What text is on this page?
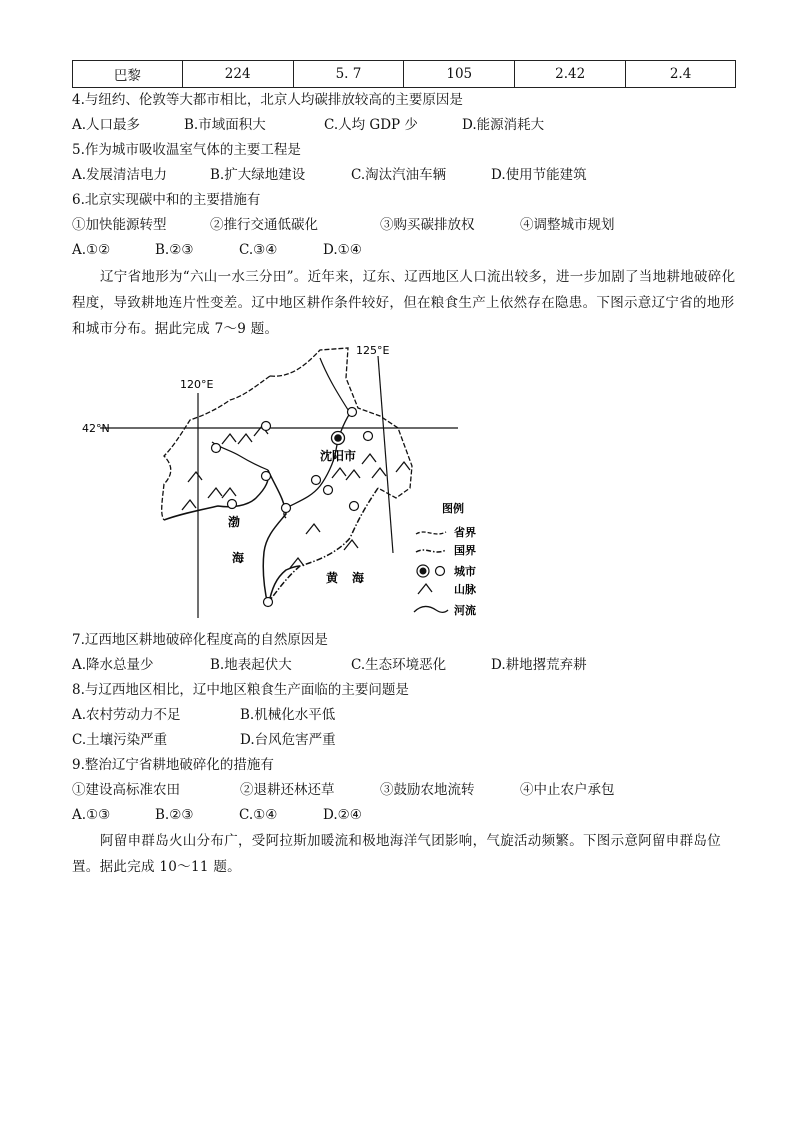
巴黎	224	5. 7	105	2.42	2.4
4.与纽约、伦敦等大都市相比，北京人均碳排放较高的主要原因是
A.人口最多	B.市域面积大	C.人均 GDP 少	D.能源消耗大
5.作为城市吸收温室气体的主要工程是
A.发展清洁电力	B.扩大绿地建设	C.淘汰汽油车辆	D.使用节能建筑
6.北京实现碳中和的主要措施有
①加快能源转型	②推行交通低碳化	③购买碳排放权	④调整城市规划
A.①②	B.②③	C.③④	D.①④
辽宁省地形为“六山一水三分田”。近年来，辽东、辽西地区人口流出较多，进一步加剧了当地耕地破碎化程度，导致耕地连片性变差。辽中地区耕作条件较好，但在粮食生产上依然存在隐患。下图示意辽宁省的地形和城市分布。据此完成 7～9 题。
125°E
120°E
42°N
沈阳市
渤
海
黄 海
图例
省界
国界
城市
山脉
河流
7.辽西地区耕地破碎化程度高的自然原因是
A.降水总量少	B.地表起伏大	C.生态环境恶化	D.耕地撂荒弃耕
8.与辽西地区相比，辽中地区粮食生产面临的主要问题是
A.农村劳动力不足	B.机械化水平低
C.土壤污染严重	D.台风危害严重
9.整治辽宁省耕地破碎化的措施有
①建设高标准农田	②退耕还林还草	③鼓励农地流转	④中止农户承包
A.①③	B.②③	C.①④	D.②④
阿留申群岛火山分布广，受阿拉斯加暖流和极地海洋气团影响，气旋活动频繁。下图示意阿留申群岛位置。据此完成 10～11 题。
